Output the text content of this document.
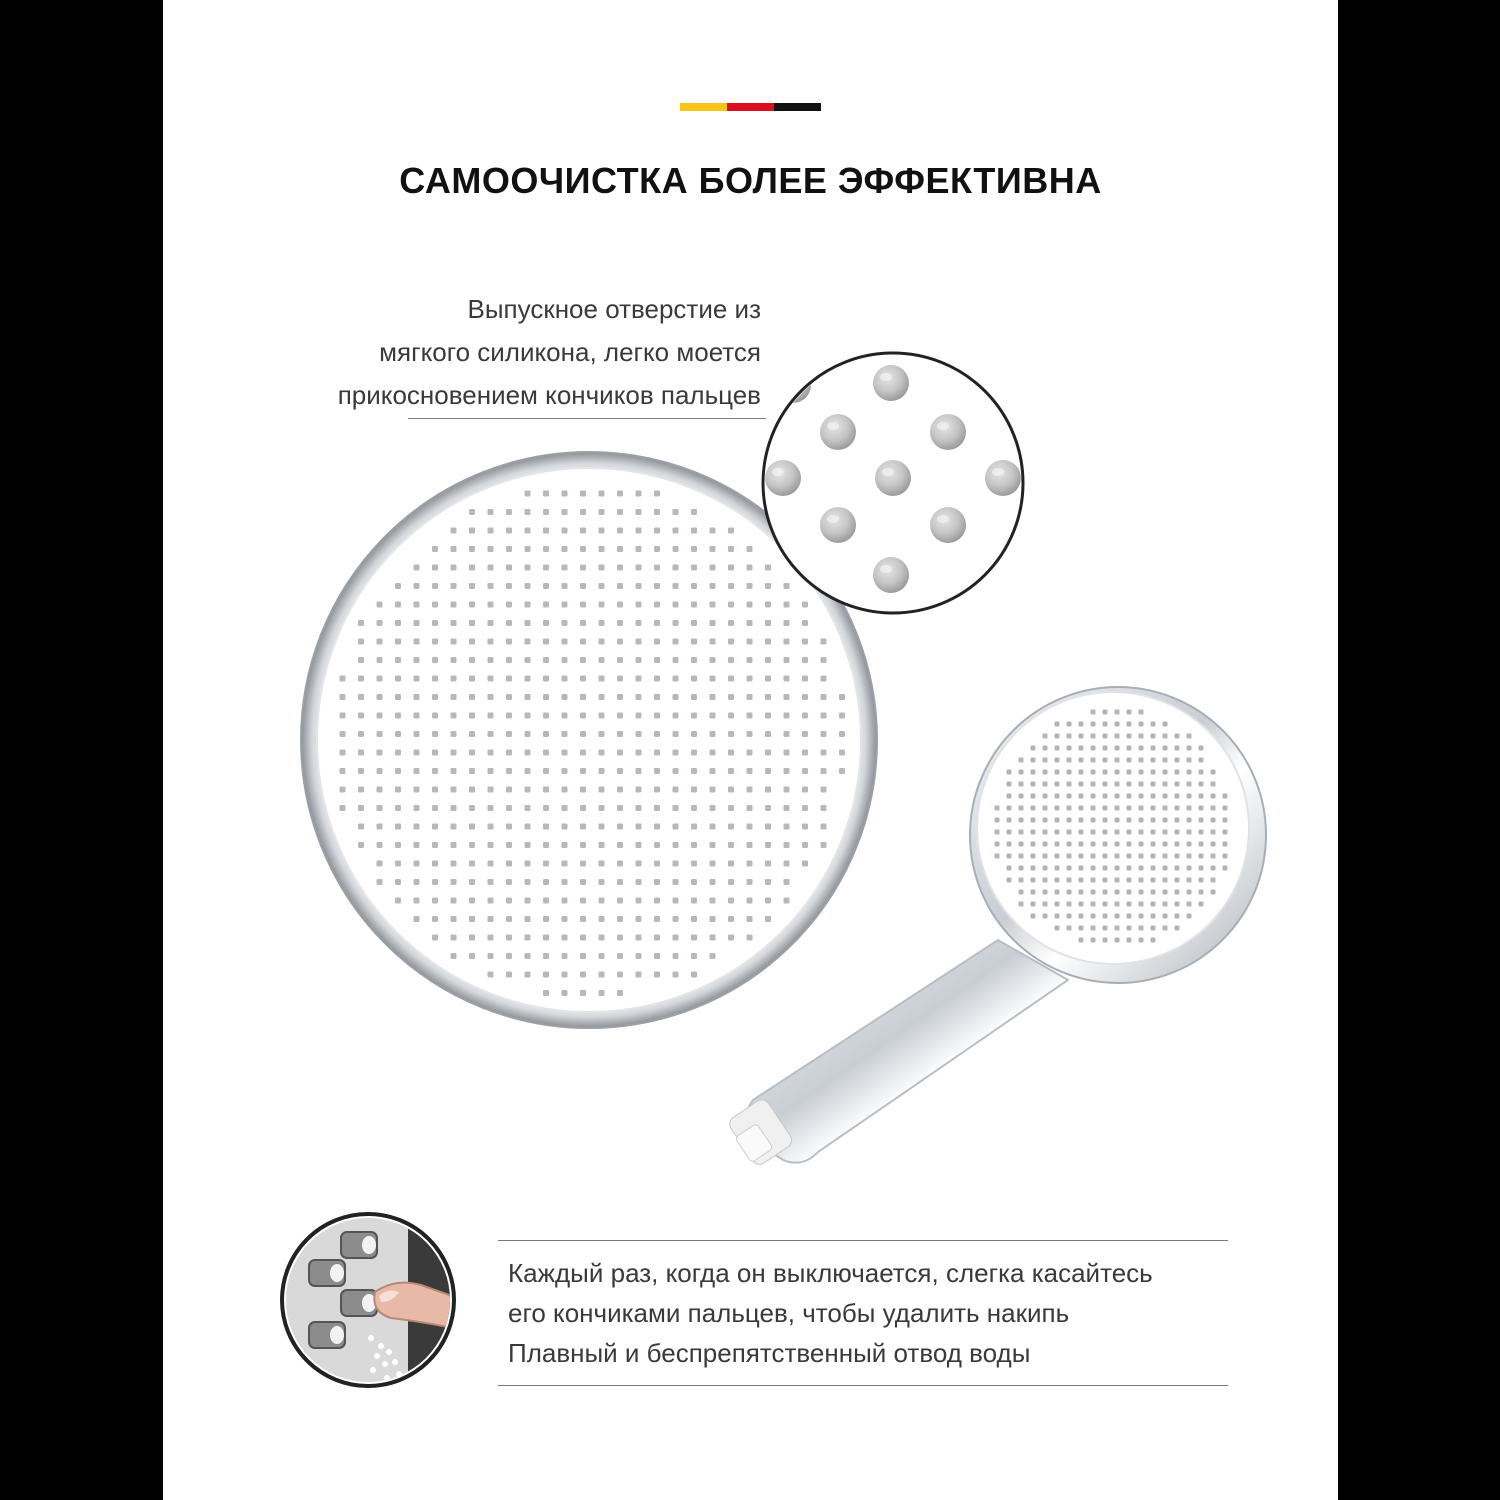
САМООЧИСТКА БОЛЕЕ ЭФФЕКТИВНА
Выпускное отверстие из
мягкого силикона, легко моется
прикосновением кончиков пальцев
Каждый раз, когда он выключается, слегка касайтесь
его кончиками пальцев, чтобы удалить накипь
Плавный и беспрепятственный отвод воды
